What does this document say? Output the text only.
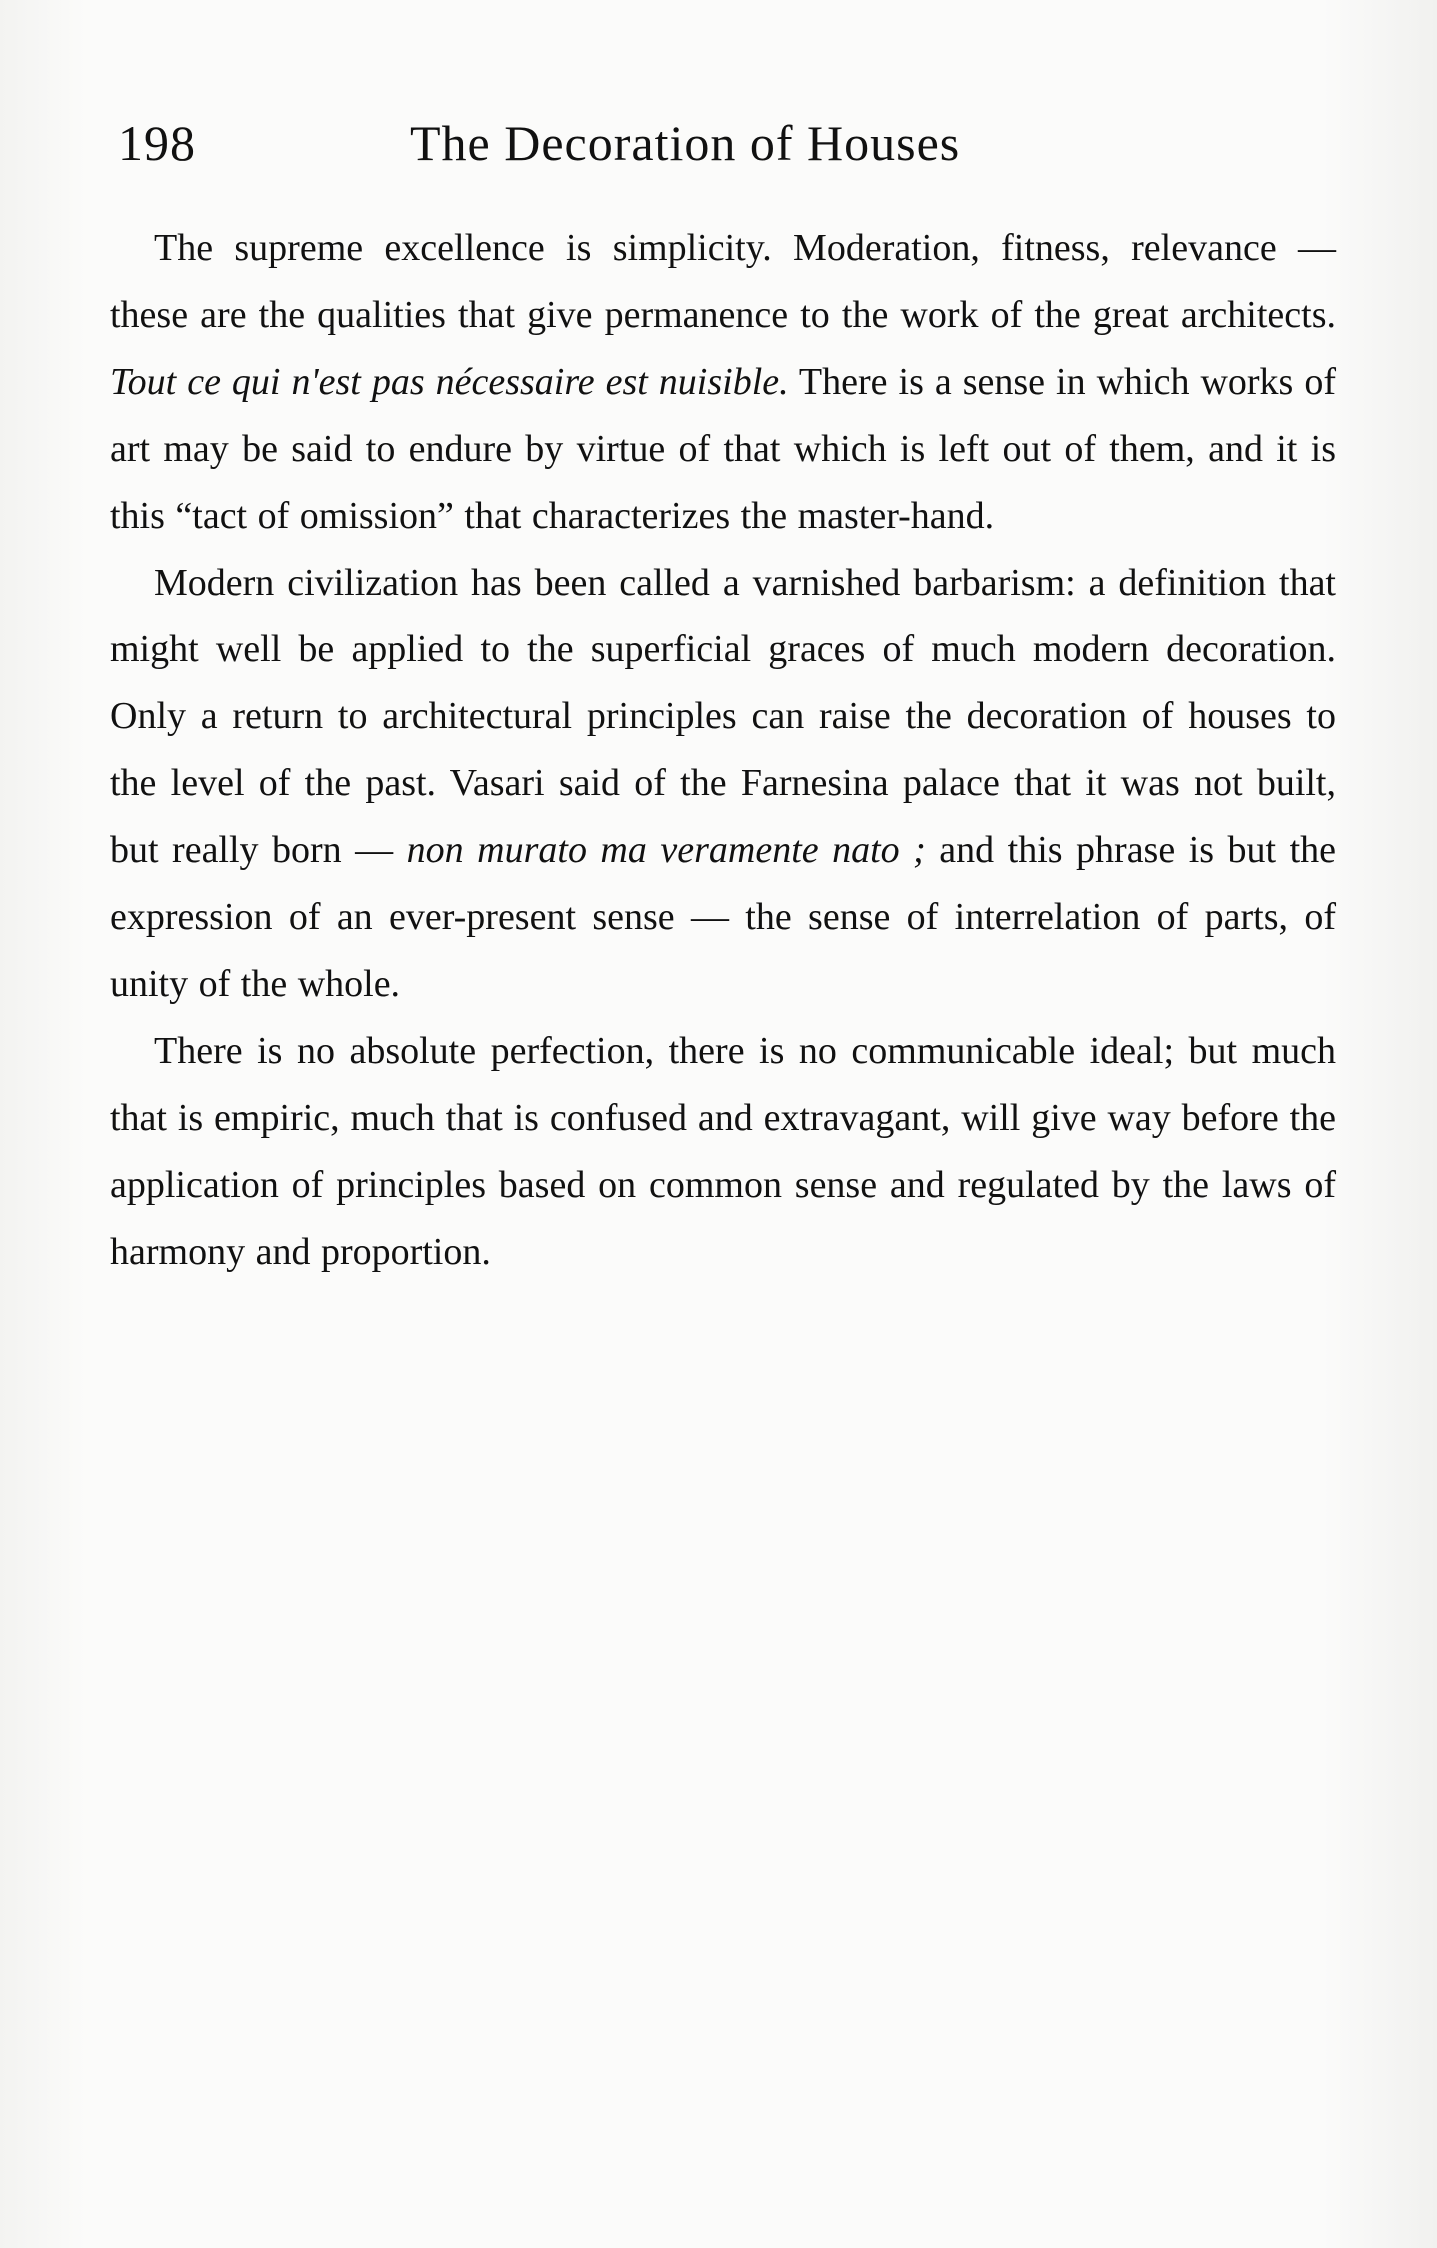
198	The Decoration of Houses

The supreme excellence is simplicity. Moderation, fitness, relevance — these are the qualities that give permanence to the work of the great architects. Tout ce qui n'est pas nécessaire est nuisible. There is a sense in which works of art may be said to endure by virtue of that which is left out of them, and it is this “tact of omission” that characterizes the master-hand.

Modern civilization has been called a varnished barbarism: a definition that might well be applied to the superficial graces of much modern decoration. Only a return to architectural principles can raise the decoration of houses to the level of the past. Vasari said of the Farnesina palace that it was not built, but really born — non murato ma veramente nato ; and this phrase is but the expression of an ever-present sense — the sense of interrelation of parts, of unity of the whole.

There is no absolute perfection, there is no communicable ideal; but much that is empiric, much that is confused and extravagant, will give way before the application of principles based on common sense and regulated by the laws of harmony and proportion.
